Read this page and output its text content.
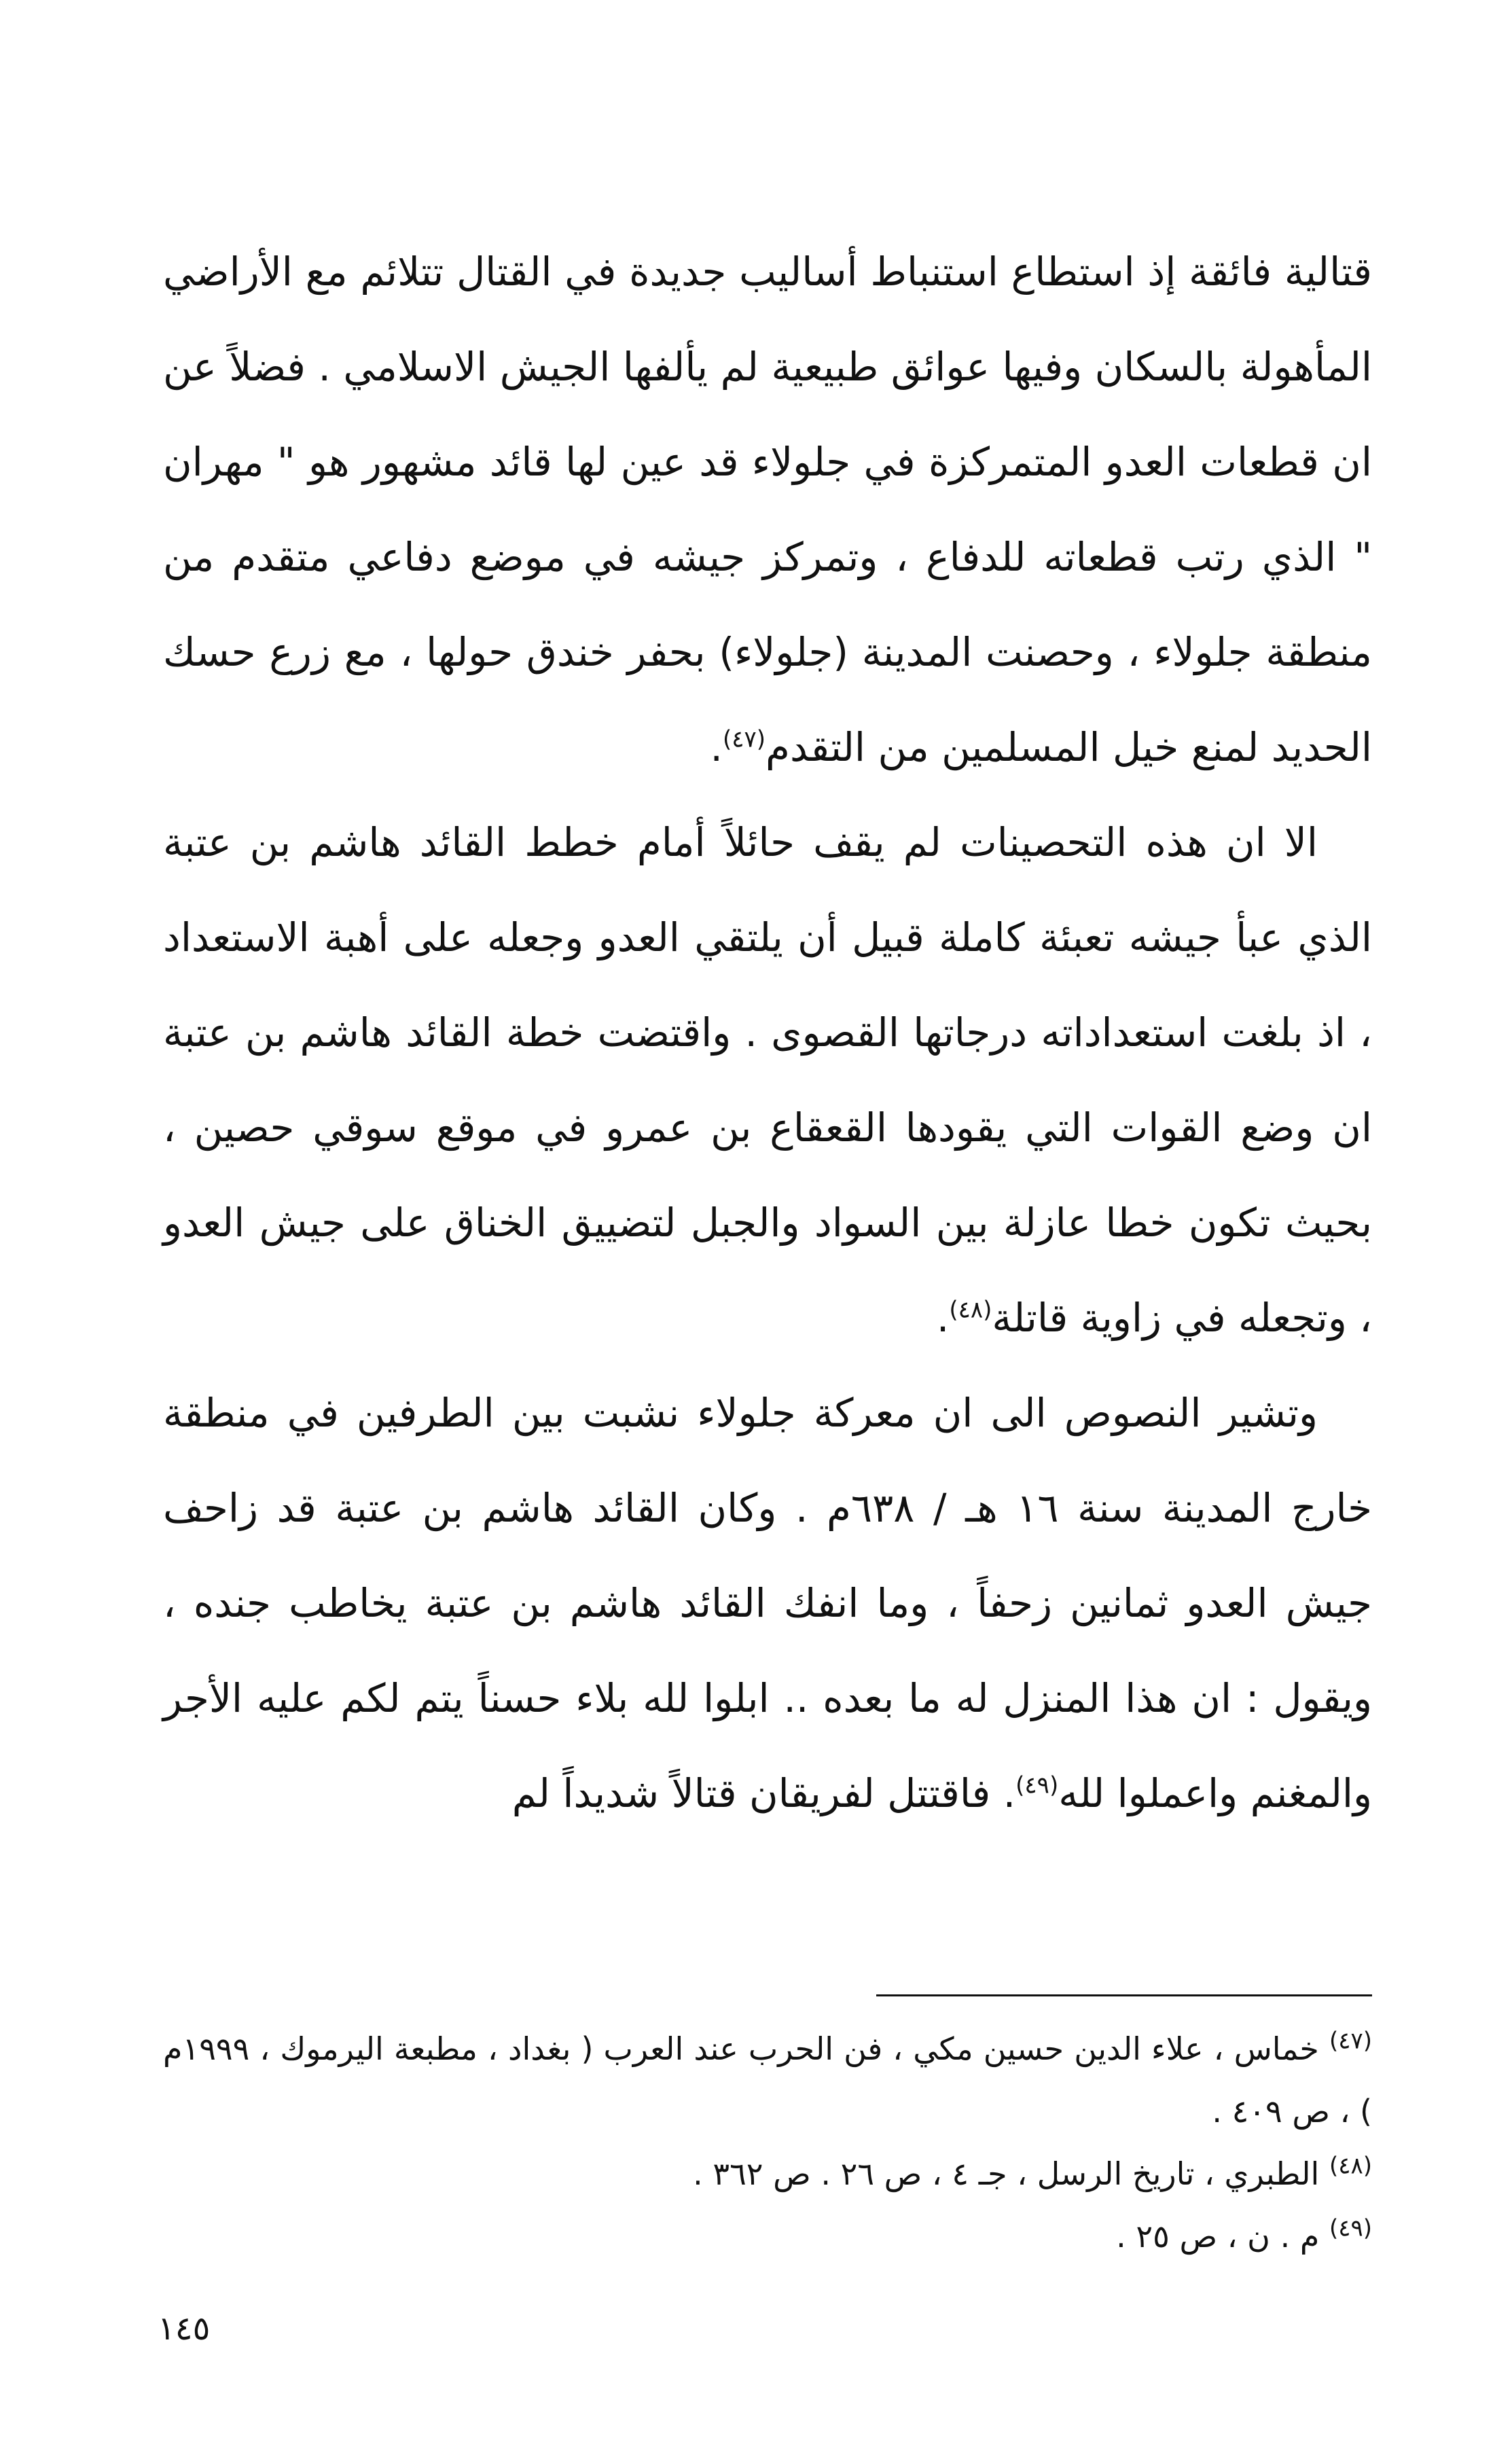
قتالية فائقة إذ استطاع استنباط أساليب جديدة في القتال تتلائم مع الأراضي المأهولة بالسكان وفيها عوائق طبيعية لم يألفها الجيش الاسلامي . فضلاً عن ان قطعات العدو المتمركزة في جلولاء قد عين لها قائد مشهور هو " مهران " الذي رتب قطعاته للدفاع ، وتمركز جيشه في موضع دفاعي متقدم من منطقة جلولاء ، وحصنت المدينة (جلولاء) بحفر خندق حولها ، مع زرع حسك الحديد لمنع خيل المسلمين من التقدم$^{(٤٧)}$.

الا ان هذه التحصينات لم يقف حائلاً أمام خطط القائد هاشم بن عتبة الذي عبأ جيشه تعبئة كاملة قبيل أن يلتقي العدو وجعله على أهبة الاستعداد ، اذ بلغت استعداداته درجاتها القصوى . واقتضت خطة القائد هاشم بن عتبة ان وضع القوات التي يقودها القعقاع بن عمرو في موقع سوقي حصين ، بحيث تكون خطا عازلة بين السواد والجبل لتضييق الخناق على جيش العدو ، وتجعله في زاوية قاتلة$^{(٤٨)}$.

وتشير النصوص الى ان معركة جلولاء نشبت بين الطرفين في منطقة خارج المدينة سنة ١٦ هـ / ٦٣٨م . وكان القائد هاشم بن عتبة قد زاحف جيش العدو ثمانين زحفاً ، وما انفك القائد هاشم بن عتبة يخاطب جنده ، ويقول : ان هذا المنزل له ما بعده .. ابلوا لله بلاء حسناً يتم لكم عليه الأجر والمغنم واعملوا لله$^{(٤٩)}$. فاقتتل لفريقان قتالاً شديداً لم

$^{(٤٧)}$ خماس ، علاء الدين حسين مكي ، فن الحرب عند العرب ( بغداد ، مطبعة اليرموك ، ١٩٩٩م ) ، ص ٤٠٩ .

$^{(٤٨)}$ الطبري ، تاريخ الرسل ، جـ ٤ ، ص ٢٦ . ص ٣٦٢ .

$^{(٤٩)}$ م . ن ، ص ٢٥ .

١٤٥
